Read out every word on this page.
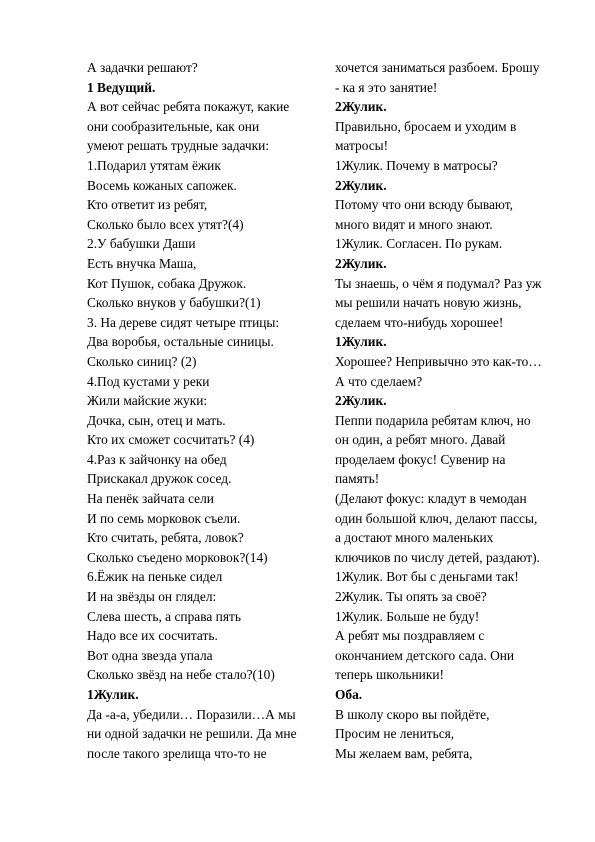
А задачки решают?
1 Ведущий.
А вот сейчас ребята покажут, какие
они сообразительные, как они
умеют решать трудные задачки:
1.Подарил утятам ёжик
Восемь кожаных сапожек.
Кто ответит из ребят,
Сколько было всех утят?(4)
2.У бабушки Даши
Есть внучка Маша,
Кот Пушок, собака Дружок.
Сколько внуков у бабушки?(1)
3. На дереве сидят четыре птицы:
Два воробья, остальные синицы.
Сколько синиц? (2)
4.Под кустами у реки
Жили майские жуки:
Дочка, сын, отец и мать.
Кто их сможет сосчитать? (4)
4.Раз к зайчонку на обед
Прискакал дружок сосед.
На пенёк зайчата сели
И по семь морковок съели.
Кто считать, ребята, ловок?
Сколько съедено морковок?(14)
6.Ёжик на пеньке сидел
И на звёзды он глядел:
Слева шесть, а справа пять
Надо все их сосчитать.
Вот одна звезда упала
Сколько звёзд на небе стало?(10)
1Жулик.
Да -а-а, убедили… Поразили…А мы
ни одной задачки не решили. Да мне
после такого зрелища что-то не
хочется заниматься разбоем. Брошу
- ка я это занятие!
2Жулик.
Правильно, бросаем и уходим в
матросы!
1Жулик. Почему в матросы?
2Жулик.
Потому что они всюду бывают,
много видят и много знают.
1Жулик. Согласен. По рукам.
2Жулик.
Ты знаешь, о чём я подумал? Раз уж
мы решили начать новую жизнь,
сделаем что-нибудь хорошее!
1Жулик.
Хорошее? Непривычно это как-то…
А что сделаем?
2Жулик.
Пеппи подарила ребятам ключ, но
он один, а ребят много. Давай
проделаем фокус! Сувенир на
память!
(Делают фокус: кладут в чемодан
один большой ключ, делают пассы,
а достают много маленьких
ключиков по числу детей, раздают).
1Жулик. Вот бы с деньгами так!
2Жулик. Ты опять за своё?
1Жулик. Больше не буду!
А ребят мы поздравляем с
окончанием детского сада. Они
теперь школьники!
Оба.
В школу скоро вы пойдёте,
Просим не лениться,
Мы желаем вам, ребята,
